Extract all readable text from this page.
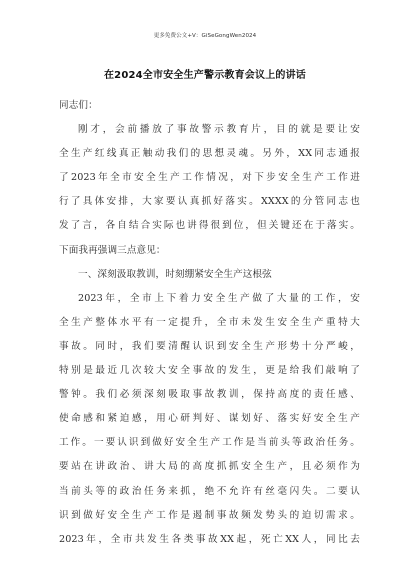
更多免费公文+V：GiSeGongWen2024
在2024全市安全生产警示教育会议上的讲话
同志们：
刚才，会前播放了事故警示教育片，目的就是要让安
全生产红线真正触动我们的思想灵魂。另外，XX同志通报
了2023年全市安全生产工作情况，对下步安全生产工作进
行了具体安排，大家要认真抓好落实。XXXX的分管同志也
发了言，各自结合实际也讲得很到位，但关键还在于落实。
下面我再强调三点意见：
一、深刻汲取教训，时刻绷紧安全生产这根弦
2023年，全市上下着力安全生产做了大量的工作，安
全生产整体水平有一定提升，全市未发生安全生产重特大
事故。同时，我们要清醒认识到安全生产形势十分严峻，
特别是最近几次较大安全事故的发生，更是给我们敲响了
警钟。我们必须深刻吸取事故教训，保持高度的责任感、
使命感和紧迫感，用心研判好、谋划好、落实好安全生产
工作。一要认识到做好安全生产工作是当前头等政治任务。
要站在讲政治、讲大局的高度抓抓安全生产，且必须作为
当前头等的政治任务来抓，绝不允许有丝毫闪失。二要认
识到做好安全生产工作是遏制事故频发势头的迫切需求。
2023年，全市共发生各类事故XX起，死亡XX人，同比去
